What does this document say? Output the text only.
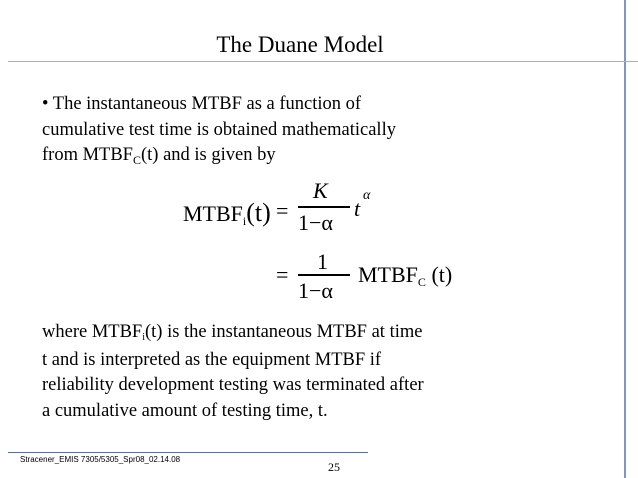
The Duane Model
• The instantaneous MTBF as a function of
cumulative test time is obtained mathematically
from $MTBF_C(t)$ and is given by
MTBFi(t) =
K
1−α
t
α
=
1
1−α
MTBFC (t)
where MTBFi(t) is the instantaneous MTBF at time
t and is interpreted as the equipment MTBF if
reliability development testing was terminated after
a cumulative amount of testing time, t.
Stracener_EMIS 7305/5305_Spr08_02.14.08
25
